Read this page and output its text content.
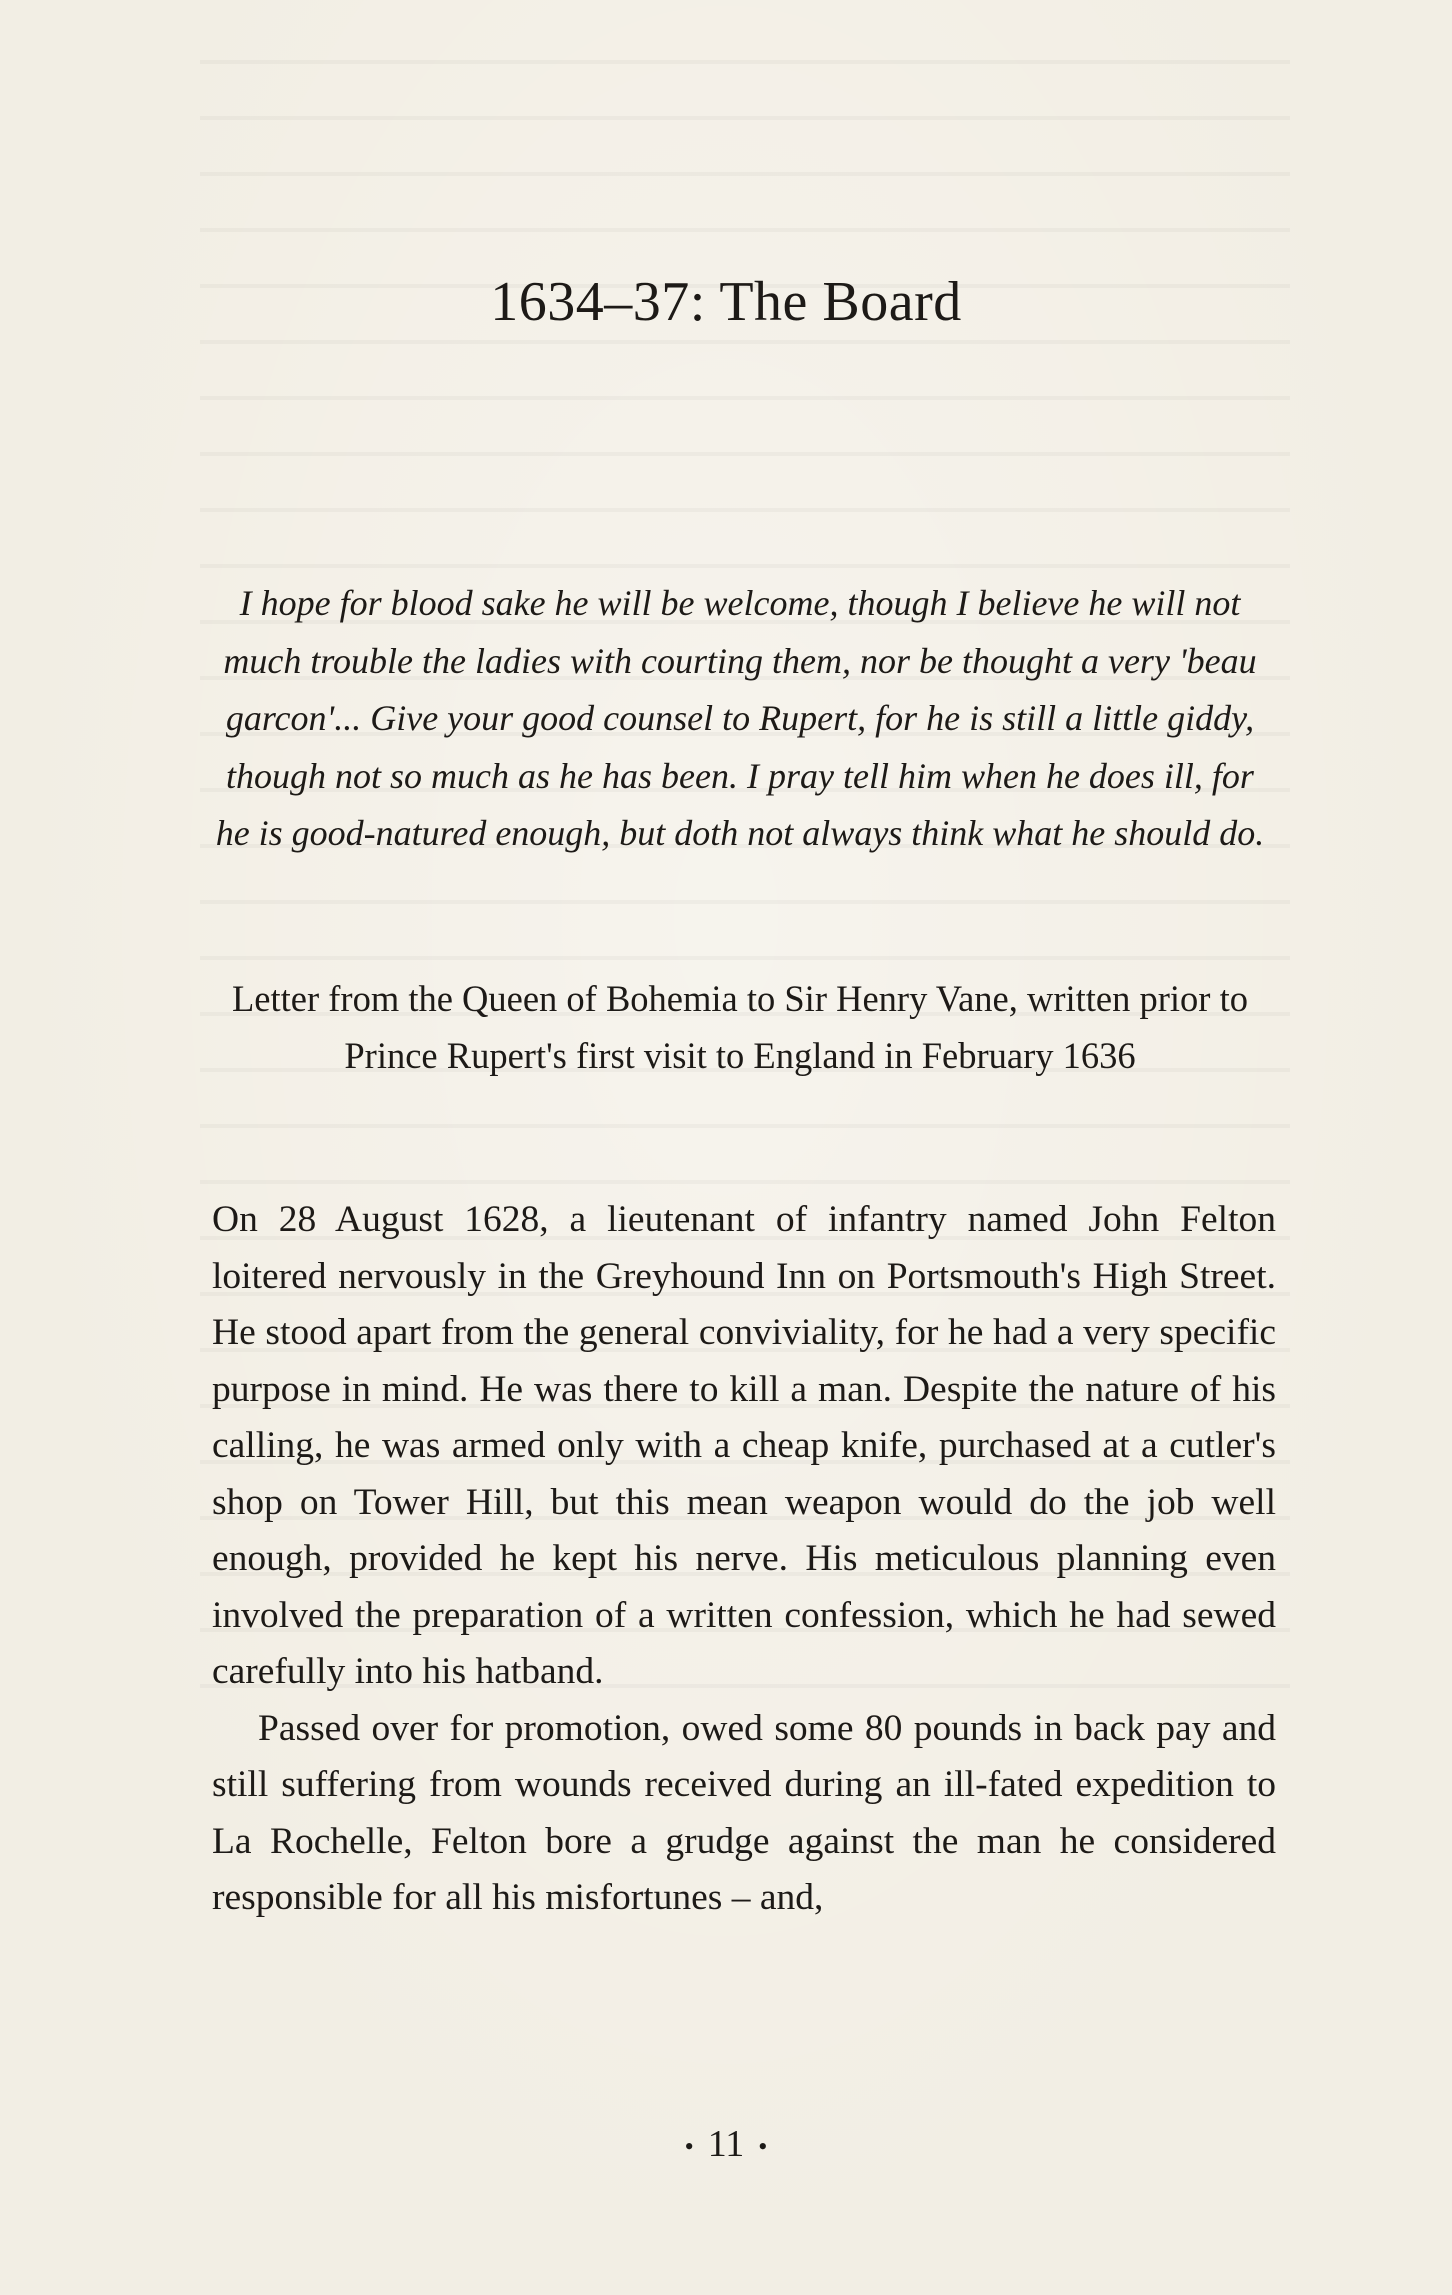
1634–37: The Board

I hope for blood sake he will be welcome, though I believe he will not much trouble the ladies with courting them, nor be thought a very 'beau garcon'... Give your good counsel to Rupert, for he is still a little giddy, though not so much as he has been. I pray tell him when he does ill, for he is good-natured enough, but doth not always think what he should do.

Letter from the Queen of Bohemia to Sir Henry Vane, written prior to Prince Rupert's first visit to England in February 1636

On 28 August 1628, a lieutenant of infantry named John Felton loitered nervously in the Greyhound Inn on Portsmouth's High Street. He stood apart from the general conviviality, for he had a very specific purpose in mind. He was there to kill a man. Despite the nature of his calling, he was armed only with a cheap knife, purchased at a cutler's shop on Tower Hill, but this mean weapon would do the job well enough, provided he kept his nerve. His meticulous planning even involved the preparation of a written confession, which he had sewed carefully into his hatband.

Passed over for promotion, owed some 80 pounds in back pay and still suffering from wounds received during an ill-fated expedition to La Rochelle, Felton bore a grudge against the man he considered responsible for all his misfortunes – and,

• 11 •
